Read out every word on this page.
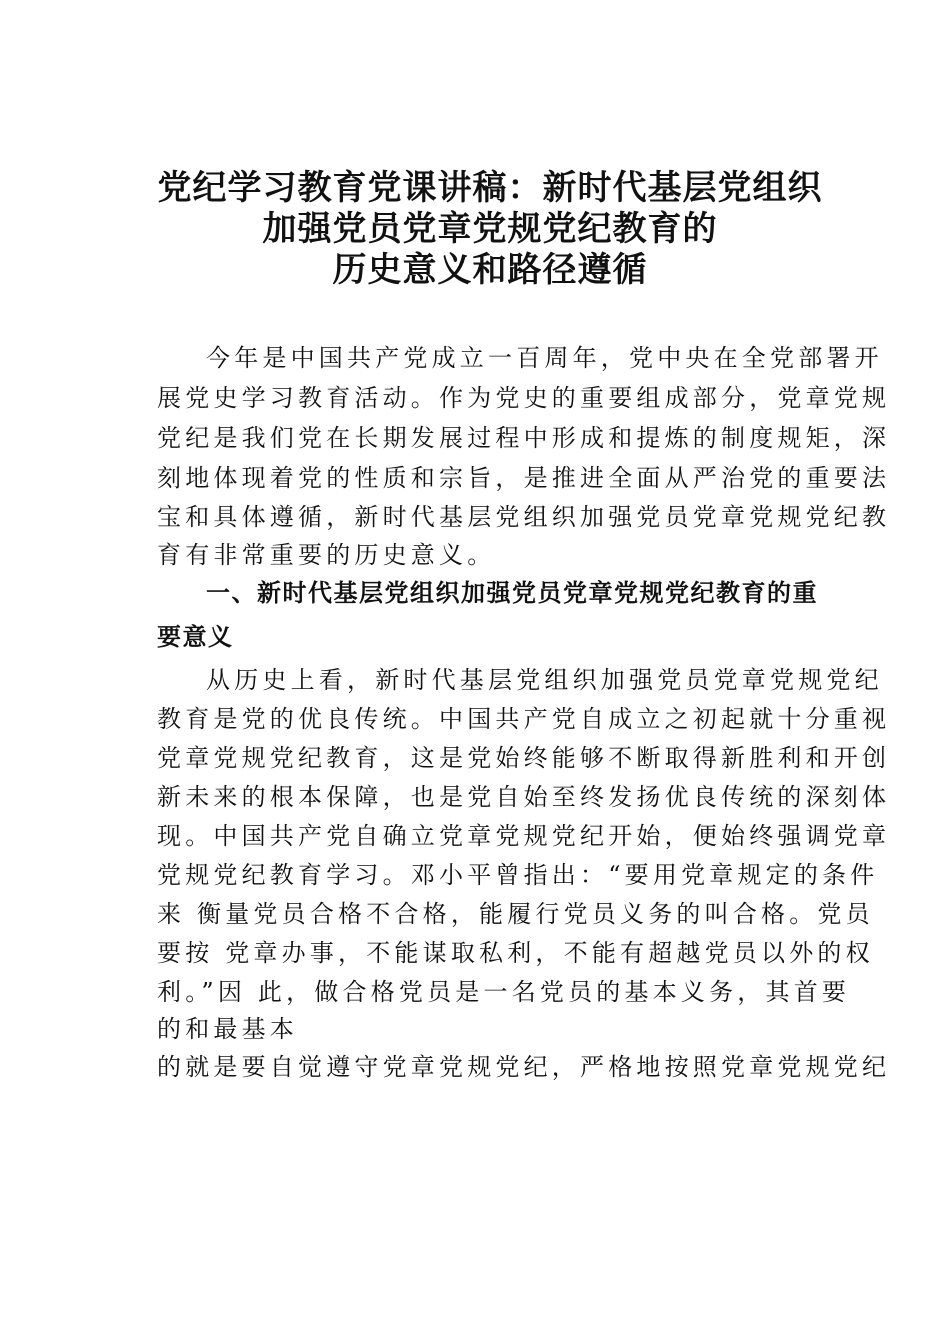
党纪学习教育党课讲稿：新时代基层党组织
加强党员党章党规党纪教育的
历史意义和路径遵循
今年是中国共产党成立一百周年，党中央在全党部署开
展党史学习教育活动。作为党史的重要组成部分，党章党规
党纪是我们党在长期发展过程中形成和提炼的制度规矩，深
刻地体现着党的性质和宗旨，是推进全面从严治党的重要法
宝和具体遵循，新时代基层党组织加强党员党章党规党纪教
育有非常重要的历史意义。
一、新时代基层党组织加强党员党章党规党纪教育的重
要意义
从历史上看，新时代基层党组织加强党员党章党规党纪
教育是党的优良传统。中国共产党自成立之初起就十分重视
党章党规党纪教育，这是党始终能够不断取得新胜利和开创
新未来的根本保障，也是党自始至终发扬优良传统的深刻体
现。中国共产党自确立党章党规党纪开始，便始终强调党章
党规党纪教育学习。邓小平曾指出：“要用党章规定的条件
来 衡量党员合格不合格，能履行党员义务的叫合格。党员
要按 党章办事，不能谋取私利，不能有超越党员以外的权
利。”因 此，做合格党员是一名党员的基本义务，其首要
的和最基本
的就是要自觉遵守党章党规党纪，严格地按照党章党规党纪
